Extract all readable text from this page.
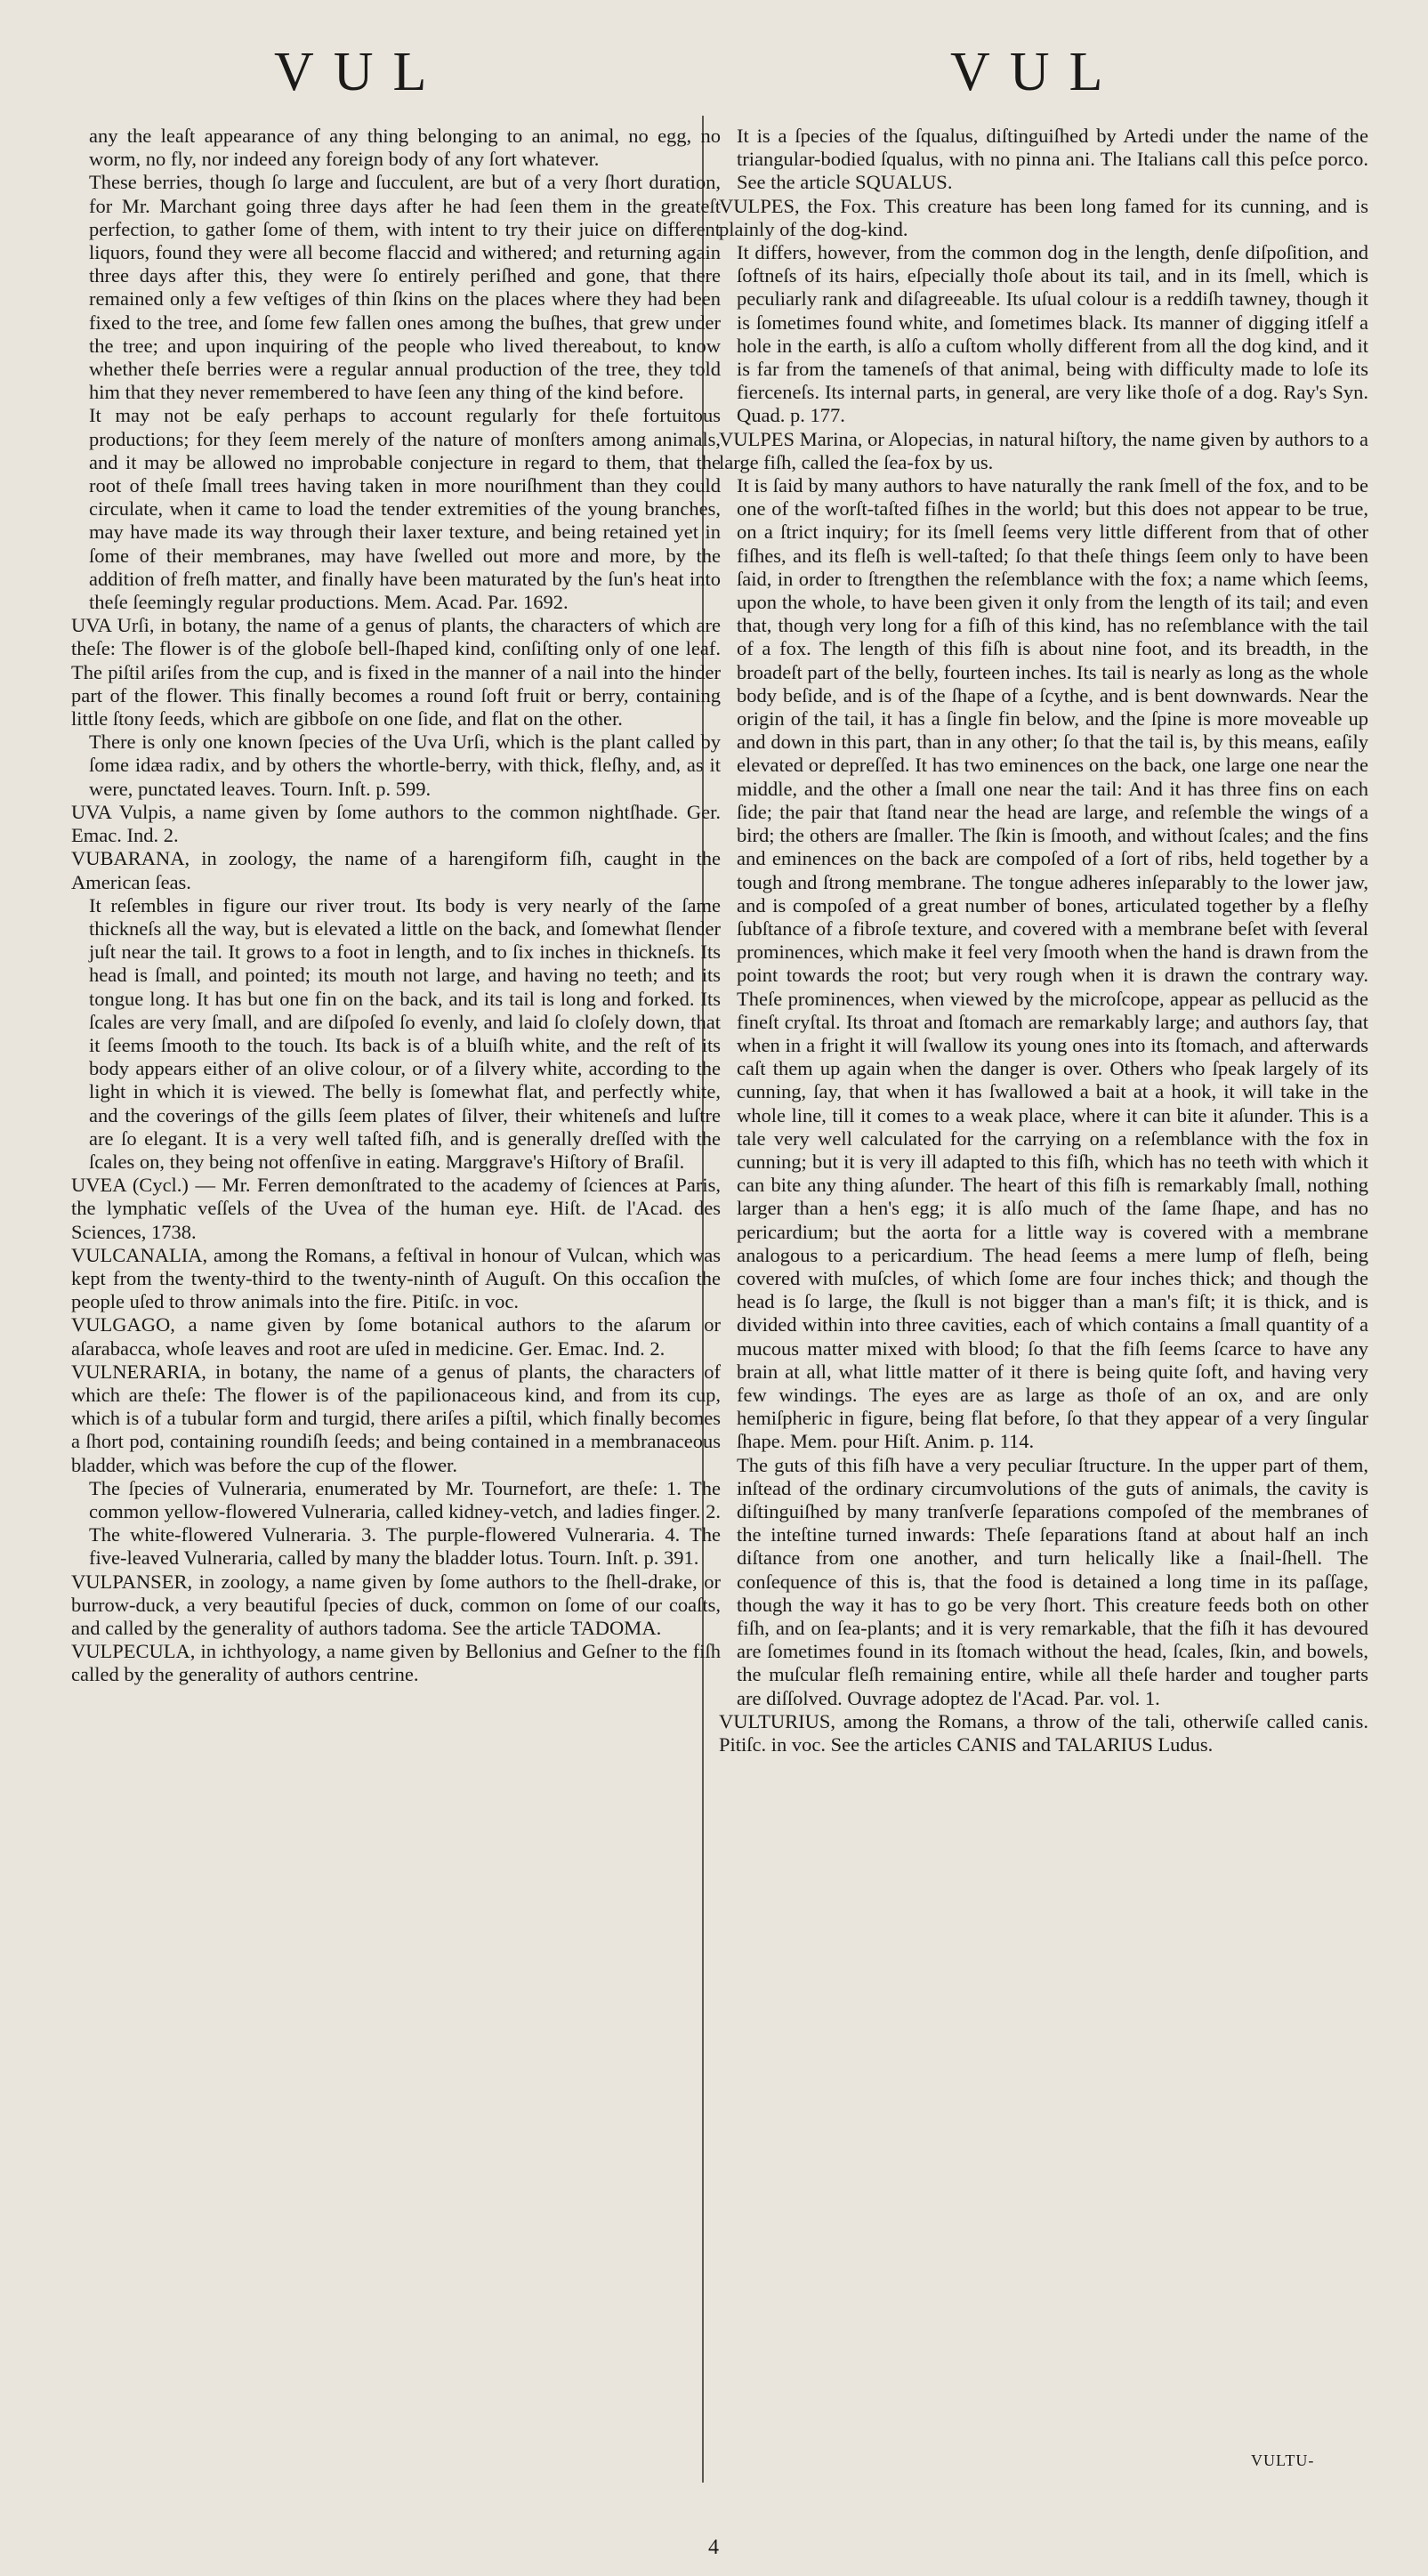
VUL	VUL

any the leaſt appearance of any thing belonging to an animal, no egg, no worm, no fly, nor indeed any foreign body of any ſort whatever.

These berries, though ſo large and ſucculent, are but of a very ſhort duration, for Mr. Marchant going three days after he had ſeen them in the greateſt perfection, to gather ſome of them, with intent to try their juice on different liquors, found they were all become flaccid and withered; and returning again three days after this, they were ſo entirely periſhed and gone, that there remained only a few veſtiges of thin ſkins on the places where they had been fixed to the tree, and ſome few fallen ones among the buſhes, that grew under the tree; and upon inquiring of the people who lived thereabout, to know whether theſe berries were a regular annual production of the tree, they told him that they never remembered to have ſeen any thing of the kind before.

It may not be eaſy perhaps to account regularly for theſe fortuitous productions; for they ſeem merely of the nature of monſters among animals, and it may be allowed no improbable conjecture in regard to them, that the root of theſe ſmall trees having taken in more nouriſhment than they could circulate, when it came to load the tender extremities of the young branches, may have made its way through their laxer texture, and being retained yet in ſome of their membranes, may have ſwelled out more and more, by the addition of freſh matter, and finally have been maturated by the ſun's heat into theſe ſeemingly regular productions. Mem. Acad. Par. 1692.

UVA Urſi, in botany, the name of a genus of plants, the characters of which are theſe: The flower is of the globoſe bell-ſhaped kind, conſiſting only of one leaf. The piſtil ariſes from the cup, and is fixed in the manner of a nail into the hinder part of the flower. This finally becomes a round ſoft fruit or berry, containing little ſtony ſeeds, which are gibboſe on one ſide, and flat on the other.

There is only one known ſpecies of the Uva Urſi, which is the plant called by ſome idæa radix, and by others the whortle-berry, with thick, fleſhy, and, as it were, punctated leaves. Tourn. Inſt. p. 599.

UVA Vulpis, a name given by ſome authors to the common nightſhade. Ger. Emac. Ind. 2.

VUBARANA, in zoology, the name of a harengiform fiſh, caught in the American ſeas.

It reſembles in figure our river trout. Its body is very nearly of the ſame thickneſs all the way, but is elevated a little on the back, and ſomewhat ſlender juſt near the tail. It grows to a foot in length, and to ſix inches in thickneſs. Its head is ſmall, and pointed; its mouth not large, and having no teeth; and its tongue long. It has but one fin on the back, and its tail is long and forked. Its ſcales are very ſmall, and are diſpoſed ſo evenly, and laid ſo cloſely down, that it ſeems ſmooth to the touch. Its back is of a bluiſh white, and the reſt of its body appears either of an olive colour, or of a ſilvery white, according to the light in which it is viewed. The belly is ſomewhat flat, and perfectly white, and the coverings of the gills ſeem plates of ſilver, their whiteneſs and luſtre are ſo elegant. It is a very well taſted fiſh, and is generally dreſſed with the ſcales on, they being not offenſive in eating. Marggrave's Hiſtory of Braſil.

UVEA (Cycl.) — Mr. Ferren demonſtrated to the academy of ſciences at Paris, the lymphatic veſſels of the Uvea of the human eye. Hiſt. de l'Acad. des Sciences, 1738.

VULCANALIA, among the Romans, a feſtival in honour of Vulcan, which was kept from the twenty-third to the twenty-ninth of Auguſt. On this occaſion the people uſed to throw animals into the fire. Pitiſc. in voc.

VULGAGO, a name given by ſome botanical authors to the aſarum or aſarabacca, whoſe leaves and root are uſed in medicine. Ger. Emac. Ind. 2.

VULNERARIA, in botany, the name of a genus of plants, the characters of which are theſe: The flower is of the papilionaceous kind, and from its cup, which is of a tubular form and turgid, there ariſes a piſtil, which finally becomes a ſhort pod, containing roundiſh ſeeds; and being contained in a membranaceous bladder, which was before the cup of the flower.

The ſpecies of Vulneraria, enumerated by Mr. Tournefort, are theſe: 1. The common yellow-flowered Vulneraria, called kidney-vetch, and ladies finger. 2. The white-flowered Vulneraria. 3. The purple-flowered Vulneraria. 4. The five-leaved Vulneraria, called by many the bladder lotus. Tourn. Inſt. p. 391.

VULPANSER, in zoology, a name given by ſome authors to the ſhell-drake, or burrow-duck, a very beautiful ſpecies of duck, common on ſome of our coaſts, and called by the generality of authors tadoma. See the article TADOMA.

VULPECULA, in ichthyology, a name given by Bellonius and Geſner to the fiſh called by the generality of authors centrine.

It is a ſpecies of the ſqualus, diſtinguiſhed by Artedi under the name of the triangular-bodied ſqualus, with no pinna ani. The Italians call this peſce porco. See the article SQUALUS.

VULPES, the Fox. This creature has been long famed for its cunning, and is plainly of the dog-kind.

It differs, however, from the common dog in the length, denſe diſpoſition, and ſoftneſs of its hairs, eſpecially thoſe about its tail, and in its ſmell, which is peculiarly rank and diſagreeable. Its uſual colour is a reddiſh tawney, though it is ſometimes found white, and ſometimes black. Its manner of digging itſelf a hole in the earth, is alſo a cuſtom wholly different from all the dog kind, and it is far from the tameneſs of that animal, being with difficulty made to loſe its fierceneſs. Its internal parts, in general, are very like thoſe of a dog. Ray's Syn. Quad. p. 177.

VULPES Marina, or Alopecias, in natural hiſtory, the name given by authors to a large fiſh, called the ſea-fox by us.

It is ſaid by many authors to have naturally the rank ſmell of the fox, and to be one of the worſt-taſted fiſhes in the world; but this does not appear to be true, on a ſtrict inquiry; for its ſmell ſeems very little different from that of other fiſhes, and its fleſh is well-taſted; ſo that theſe things ſeem only to have been ſaid, in order to ſtrengthen the reſemblance with the fox; a name which ſeems, upon the whole, to have been given it only from the length of its tail; and even that, though very long for a fiſh of this kind, has no reſemblance with the tail of a fox. The length of this fiſh is about nine foot, and its breadth, in the broadeſt part of the belly, fourteen inches. Its tail is nearly as long as the whole body beſide, and is of the ſhape of a ſcythe, and is bent downwards. Near the origin of the tail, it has a ſingle fin below, and the ſpine is more moveable up and down in this part, than in any other; ſo that the tail is, by this means, eaſily elevated or depreſſed. It has two eminences on the back, one large one near the middle, and the other a ſmall one near the tail: And it has three fins on each ſide; the pair that ſtand near the head are large, and reſemble the wings of a bird; the others are ſmaller. The ſkin is ſmooth, and without ſcales; and the fins and eminences on the back are compoſed of a ſort of ribs, held together by a tough and ſtrong membrane. The tongue adheres inſeparably to the lower jaw, and is compoſed of a great number of bones, articulated together by a fleſhy ſubſtance of a fibroſe texture, and covered with a membrane beſet with ſeveral prominences, which make it feel very ſmooth when the hand is drawn from the point towards the root; but very rough when it is drawn the contrary way. Theſe prominences, when viewed by the microſcope, appear as pellucid as the fineſt cryſtal. Its throat and ſtomach are remarkably large; and authors ſay, that when in a fright it will ſwallow its young ones into its ſtomach, and afterwards caſt them up again when the danger is over. Others who ſpeak largely of its cunning, ſay, that when it has ſwallowed a bait at a hook, it will take in the whole line, till it comes to a weak place, where it can bite it aſunder. This is a tale very well calculated for the carrying on a reſemblance with the fox in cunning; but it is very ill adapted to this fiſh, which has no teeth with which it can bite any thing aſunder. The heart of this fiſh is remarkably ſmall, nothing larger than a hen's egg; it is alſo much of the ſame ſhape, and has no pericardium; but the aorta for a little way is covered with a membrane analogous to a pericardium. The head ſeems a mere lump of fleſh, being covered with muſcles, of which ſome are four inches thick; and though the head is ſo large, the ſkull is not bigger than a man's fiſt; it is thick, and is divided within into three cavities, each of which contains a ſmall quantity of a mucous matter mixed with blood; ſo that the fiſh ſeems ſcarce to have any brain at all, what little matter of it there is being quite ſoft, and having very few windings. The eyes are as large as thoſe of an ox, and are only hemiſpheric in figure, being flat before, ſo that they appear of a very ſingular ſhape. Mem. pour Hiſt. Anim. p. 114.

The guts of this fiſh have a very peculiar ſtructure. In the upper part of them, inſtead of the ordinary circumvolutions of the guts of animals, the cavity is diſtinguiſhed by many tranſverſe ſeparations compoſed of the membranes of the inteſtine turned inwards: Theſe ſeparations ſtand at about half an inch diſtance from one another, and turn helically like a ſnail-ſhell. The conſequence of this is, that the food is detained a long time in its paſſage, though the way it has to go be very ſhort. This creature feeds both on other fiſh, and on ſea-plants; and it is very remarkable, that the fiſh it has devoured are ſometimes found in its ſtomach without the head, ſcales, ſkin, and bowels, the muſcular fleſh remaining entire, while all theſe harder and tougher parts are diſſolved. Ouvrage adoptez de l'Acad. Par. vol. 1.

VULTURIUS, among the Romans, a throw of the tali, otherwiſe called canis. Pitiſc. in voc. See the articles CANIS and TALARIUS Ludus.

VULTU-
4
